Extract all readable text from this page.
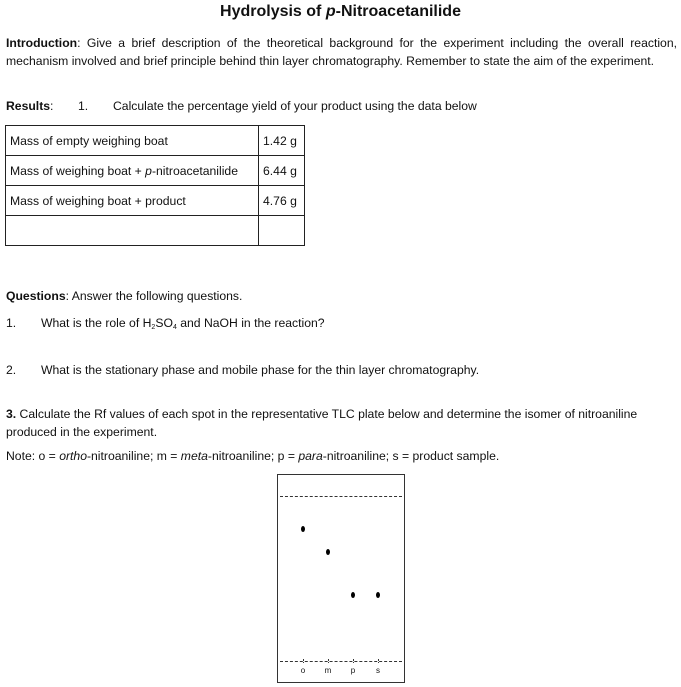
Hydrolysis of p-Nitroacetanilide
Introduction: Give a brief description of the theoretical background for the experiment including the overall reaction, mechanism involved and brief principle behind thin layer chromatography. Remember to state the aim of the experiment.
Results: 1. Calculate the percentage yield of your product using the data below
Mass of empty weighing boat	1.42 g
Mass of weighing boat + p-nitroacetanilide	6.44 g
Mass of weighing boat + product	4.76 g

Questions: Answer the following questions.
1. What is the role of $H_2SO_4$ and NaOH in the reaction?
2. What is the stationary phase and mobile phase for the thin layer chromatography.
3. Calculate the Rf values of each spot in the representative TLC plate below and determine the isomer of nitroaniline produced in the experiment.
Note: o = ortho-nitroaniline; m = meta-nitroaniline; p = para-nitroaniline; s = product sample.
o	m	p	s
